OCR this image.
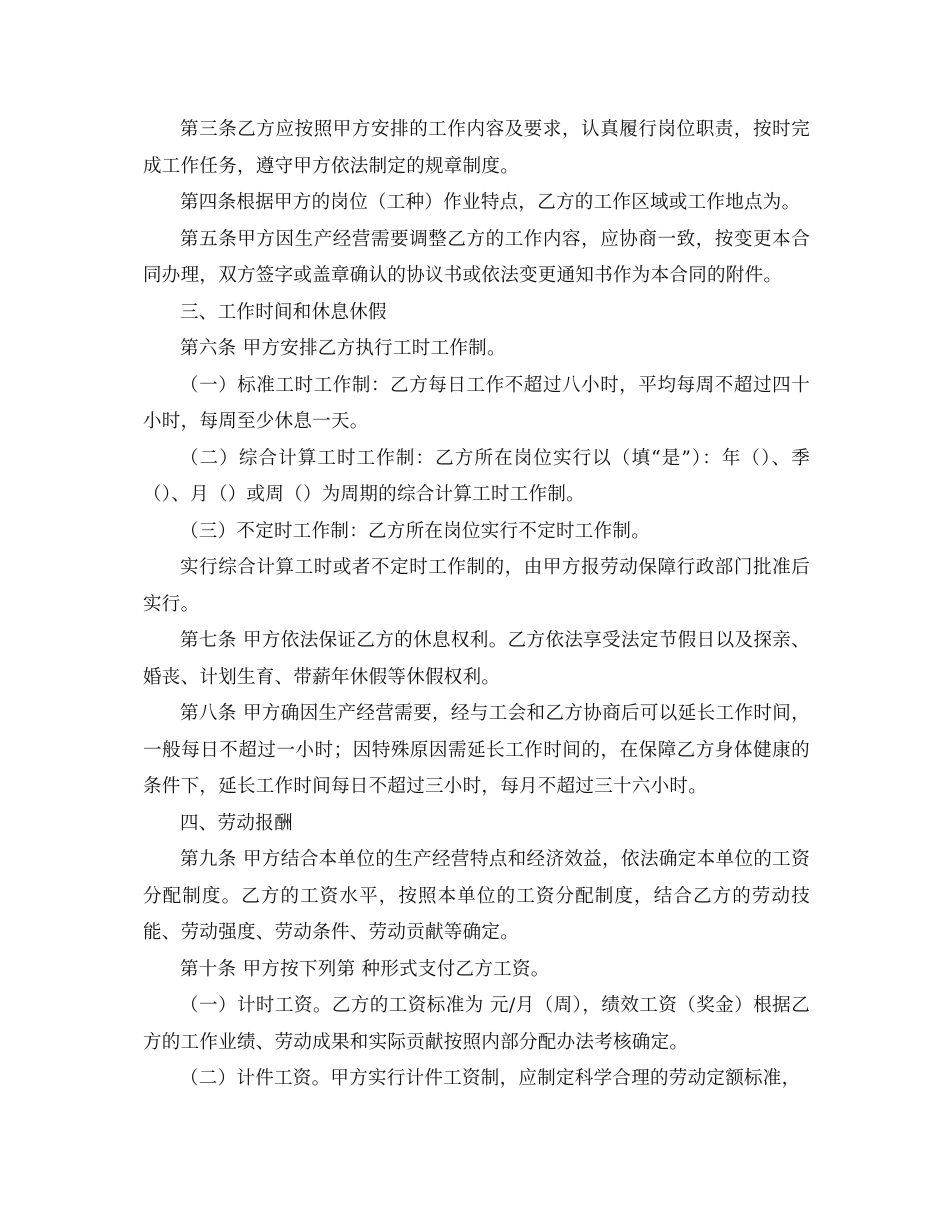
第三条乙方应按照甲方安排的工作内容及要求，认真履行岗位职责，按时完成工作任务，遵守甲方依法制定的规章制度。

第四条根据甲方的岗位（工种）作业特点，乙方的工作区域或工作地点为。

第五条甲方因生产经营需要调整乙方的工作内容，应协商一致，按变更本合同办理，双方签字或盖章确认的协议书或依法变更通知书作为本合同的附件。

三、工作时间和休息休假

第六条 甲方安排乙方执行工时工作制。

（一）标准工时工作制：乙方每日工作不超过八小时，平均每周不超过四十小时，每周至少休息一天。

（二）综合计算工时工作制：乙方所在岗位实行以（填“是”）：年（）、季（）、月（）或周（）为周期的综合计算工时工作制。

（三）不定时工作制：乙方所在岗位实行不定时工作制。

实行综合计算工时或者不定时工作制的，由甲方报劳动保障行政部门批准后实行。

第七条 甲方依法保证乙方的休息权利。乙方依法享受法定节假日以及探亲、婚丧、计划生育、带薪年休假等休假权利。

第八条 甲方确因生产经营需要，经与工会和乙方协商后可以延长工作时间，一般每日不超过一小时；因特殊原因需延长工作时间的，在保障乙方身体健康的条件下，延长工作时间每日不超过三小时，每月不超过三十六小时。

四、劳动报酬

第九条 甲方结合本单位的生产经营特点和经济效益，依法确定本单位的工资分配制度。乙方的工资水平，按照本单位的工资分配制度，结合乙方的劳动技能、劳动强度、劳动条件、劳动贡献等确定。

第十条 甲方按下列第 种形式支付乙方工资。

（一）计时工资。乙方的工资标准为 元/月（周），绩效工资（奖金）根据乙方的工作业绩、劳动成果和实际贡献按照内部分配办法考核确定。

（二）计件工资。甲方实行计件工资制，应制定科学合理的劳动定额标准，
